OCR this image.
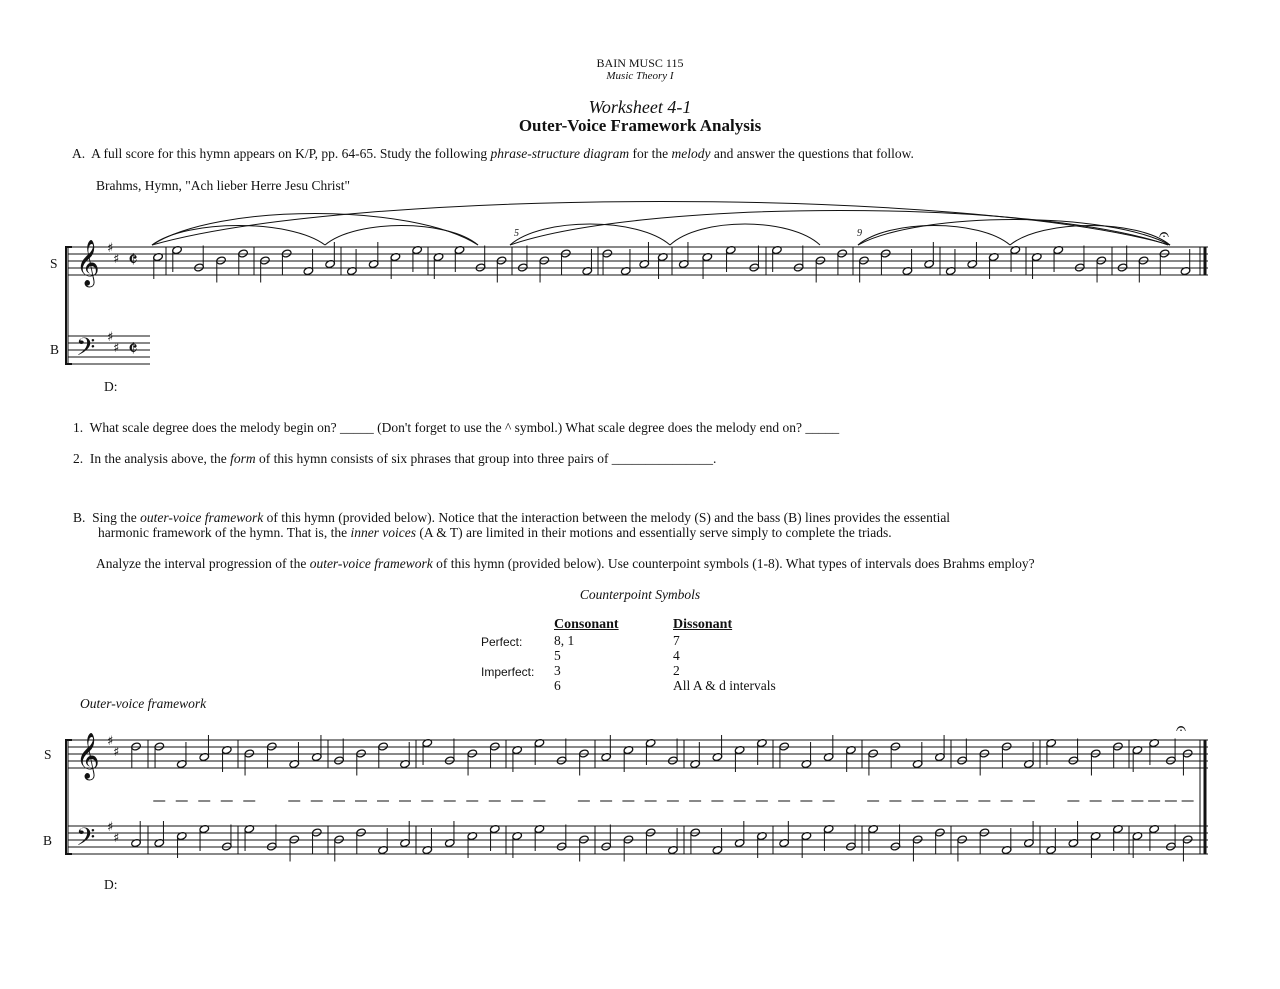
BAIN MUSC 115
Music Theory I
Worksheet 4-1
Outer-Voice Framework Analysis
A. A full score for this hymn appears on K/P, pp. 64-65. Study the following phrase-structure diagram for the melody and answer the questions that follow.
Brahms, Hymn, "Ach lieber Herre Jesu Christ"
S
B
5	9
D:
1. What scale degree does the melody begin on? _____ (Don't forget to use the ^ symbol.) What scale degree does the melody end on? _____
2. In the analysis above, the form of this hymn consists of six phrases that group into three pairs of _______________.
B. Sing the outer-voice framework of this hymn (provided below). Notice that the interaction between the melody (S) and the bass (B) lines provides the essential
harmonic framework of the hymn. That is, the inner voices (A & T) are limited in their motions and essentially serve simply to complete the triads.
Analyze the interval progression of the outer-voice framework of this hymn (provided below). Use counterpoint symbols (1-8). What types of intervals does Brahms employ?
Counterpoint Symbols
Consonant	Dissonant
Perfect:
Imperfect:
8, 1
5
3
6
7
4
2
All A & d intervals
Outer-voice framework
S
B
D:
𝄞
𝄢
♯
♯
♯
♯
𝄵
𝄵
𝄐
𝄞
𝄢
♯
♯
♯
♯
𝄐
